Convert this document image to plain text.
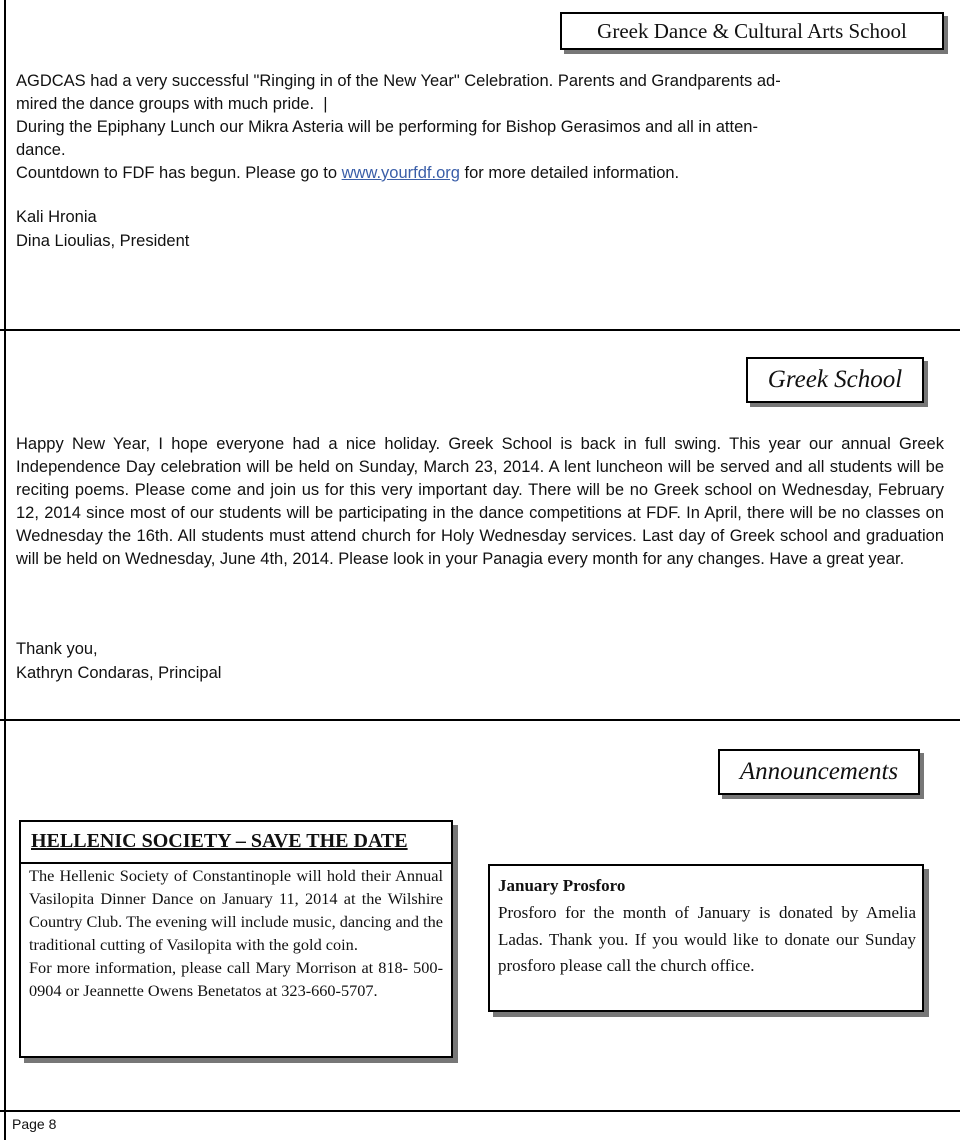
Greek Dance & Cultural Arts School

AGDCAS had a very successful "Ringing in of the New Year" Celebration. Parents and Grandparents ad-

mired the dance groups with much pride. |

During the Epiphany Lunch our Mikra Asteria will be performing for Bishop Gerasimos and all in atten-

dance.

Countdown to FDF has begun. Please go to www.yourfdf.org for more detailed information.

Kali Hronia

Dina Lioulias, President

Greek School

Happy New Year, I hope everyone had a nice holiday. Greek School is back in full swing. This year our annual Greek Independence Day celebration will be held on Sunday, March 23, 2014. A lent luncheon will be served and all students will be reciting poems. Please come and join us for this very important day. There will be no Greek school on Wednesday, February 12, 2014 since most of our students will be participating in the dance competitions at FDF. In April, there will be no classes on Wednesday the 16th. All students must attend church for Holy Wednesday services. Last day of Greek school and graduation will be held on Wednesday, June 4th, 2014. Please look in your Panagia every month for any changes. Have a great year.

Thank you,

Kathryn Condaras, Principal

Announcements
HELLENIC SOCIETY – SAVE THE DATE

The Hellenic Society of Constantinople will hold their Annual Vasilopita Dinner Dance on January 11, 2014 at the Wilshire Country Club. The evening will include music, dancing and the traditional cutting of Vasilopita with the gold coin.

For more information, please call Mary Morrison at 818- 500-0904 or Jeannette Owens Benetatos at 323-660-5707.

January Prosforo
Prosforo for the month of January is donated by Amelia Ladas. Thank you. If you would like to donate our Sunday prosforo please call the church office.
Page 8
